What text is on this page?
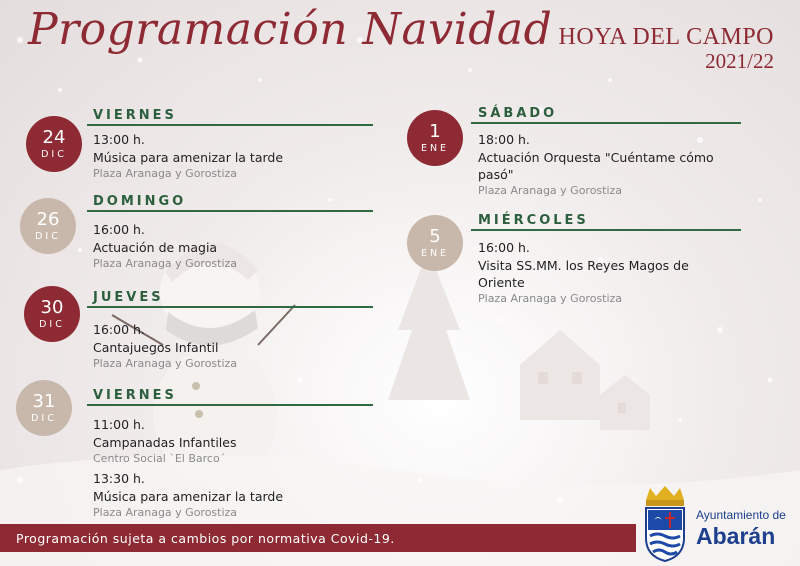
Programación Navidad HOYA DEL CAMPO
2021/22
24
DIC
VIERNES
13:00 h.
Música para amenizar la tarde
Plaza Aranaga y Gorostiza
26
DIC
DOMINGO
16:00 h.
Actuación de magia
Plaza Aranaga y Gorostiza
30
DIC
JUEVES
16:00 h.
Cantajuegos Infantil
Plaza Aranaga y Gorostiza
31
DIC
VIERNES
11:00 h.
Campanadas Infantiles
Centro Social `El Barco´
13:30 h.
Música para amenizar la tarde
Plaza Aranaga y Gorostiza
1
ENE
SÁBADO
18:00 h.
Actuación Orquesta "Cuéntame cómo
pasó"
Plaza Aranaga y Gorostiza
5
ENE
MIÉRCOLES
16:00 h.
Visita SS.MM. los Reyes Magos de
Oriente
Plaza Aranaga y Gorostiza
Programación sujeta a cambios por normativa Covid-19.
Ayuntamiento de
Abarán
